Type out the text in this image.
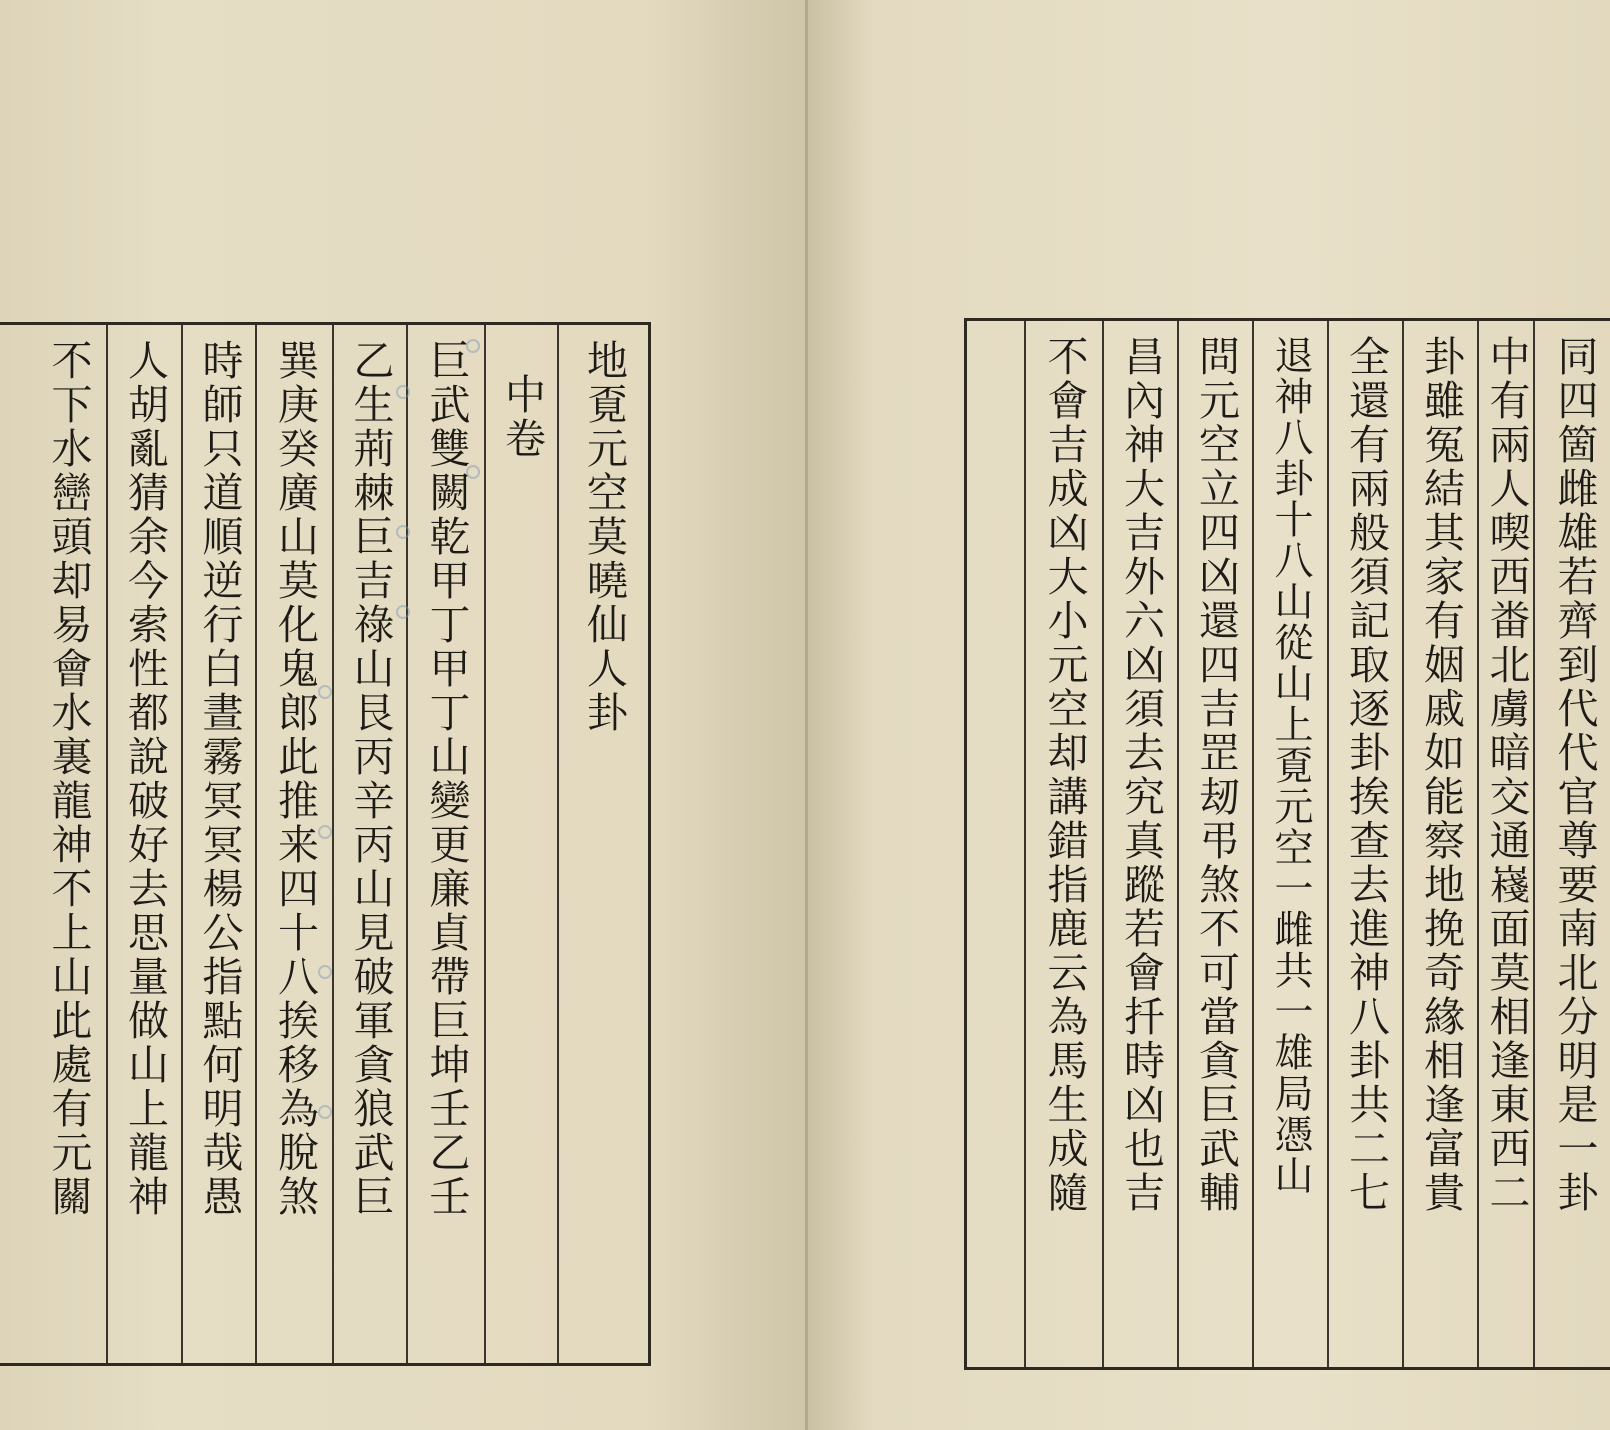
地覔元空莫曉仙人卦
中卷
巨武雙闕乾甲丁甲丁山變更廉貞帶巨坤壬乙壬
乙生荊棘巨吉祿山艮丙辛丙山見破軍貪狼武巨
巽庚癸廣山莫化鬼郎此推来四十八挨移為脫煞
時師只道順逆行白晝霧冥冥楊公指點何明哉愚
人胡亂猜余今索性都說破好去思量做山上龍神
不下水巒頭却易會水裏龍神不上山此處有元關	同四箇雌雄若齊到代代官尊要南北分明是一卦
中有兩人喫西畨北虜暗交通嶘面莫相逢東西二
卦雖冤結其家有姻戚如能察地挽奇緣相逢富貴
全還有兩般須記取逐卦挨查去進神八卦共二七
退神八卦十八山從山上覔元空一雌共一雄局憑山
問元空立四凶還四吉罡刼弔煞不可當貪巨武輔
昌內神大吉外六凶須去究真蹤若會扦時凶也吉
不會吉成凶大小元空却講錯指鹿云為馬生成隨
